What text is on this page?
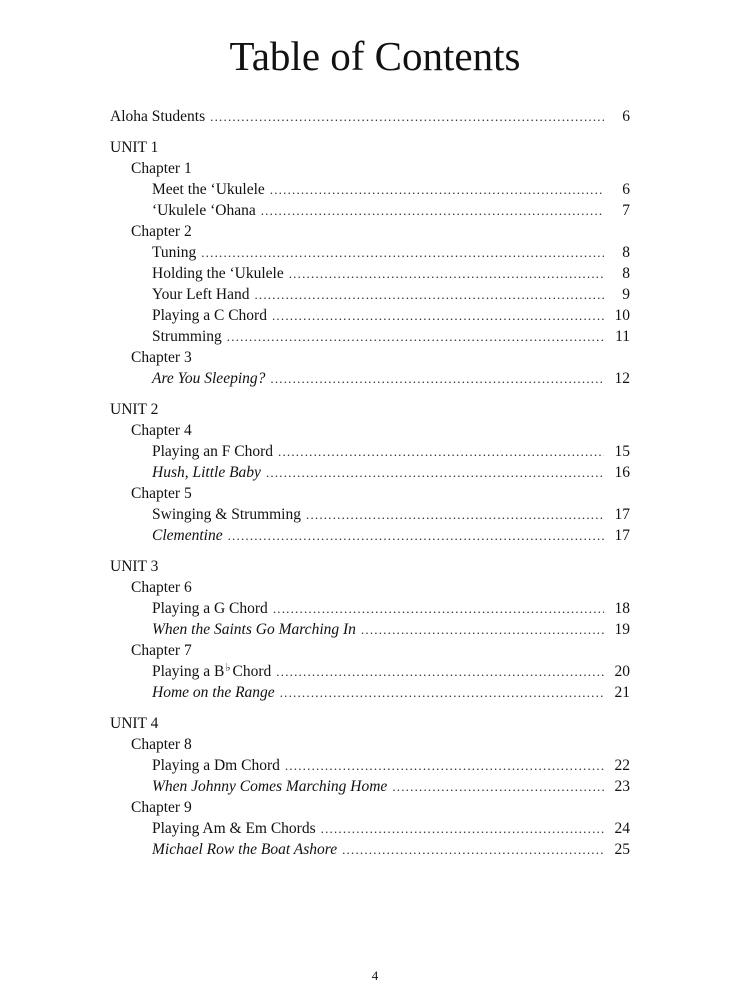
Table of Contents
Aloha Students .....	6
UNIT 1
Chapter 1
Meet the ‘Ukulele .....	6
‘Ukulele ‘Ohana .....	7
Chapter 2
Tuning .....	8
Holding the ‘Ukulele .....	8
Your Left Hand .....	9
Playing a C Chord .....	10
Strumming .....	11
Chapter 3
Are You Sleeping? .....	12
UNIT 2
Chapter 4
Playing an F Chord .....	15
Hush, Little Baby .....	16
Chapter 5
Swinging & Strumming .....	17
Clementine .....	17
UNIT 3
Chapter 6
Playing a G Chord .....	18
When the Saints Go Marching In .....	19
Chapter 7
Playing a B♭ Chord .....	20
Home on the Range .....	21
UNIT 4
Chapter 8
Playing a Dm Chord .....	22
When Johnny Comes Marching Home .....	23
Chapter 9
Playing Am & Em Chords .....	24
Michael Row the Boat Ashore .....	25
4
